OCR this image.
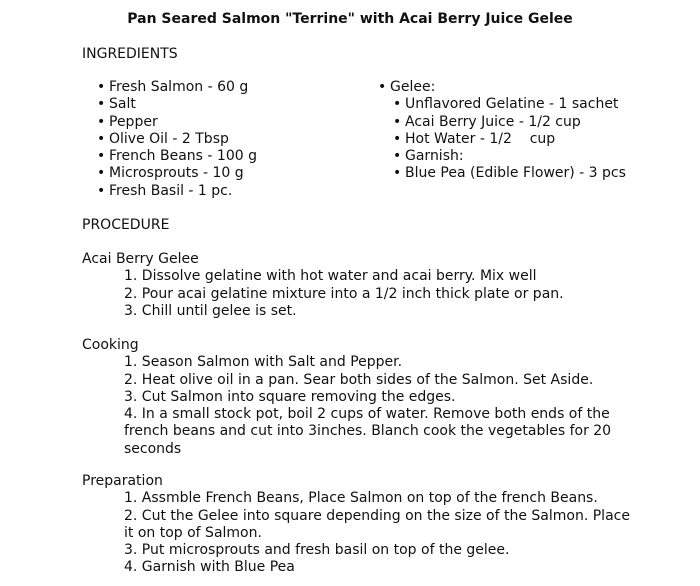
Pan Seared Salmon "Terrine" with Acai Berry Juice Gelee
INGREDIENTS
• Fresh Salmon - 60 g
• Salt
• Pepper
• Olive Oil - 2 Tbsp
• French Beans - 100 g
• Microsprouts - 10 g
• Fresh Basil - 1 pc.
• Gelee:
• Unflavored Gelatine - 1 sachet
• Acai Berry Juice - 1/2 cup
• Hot Water - 1/2    cup
• Garnish:
• Blue Pea (Edible Flower) - 3 pcs
PROCEDURE
Acai Berry Gelee
1. Dissolve gelatine with hot water and acai berry. Mix well
2. Pour acai gelatine mixture into a 1/2 inch thick plate or pan.
3. Chill until gelee is set.
Cooking
1. Season Salmon with Salt and Pepper.
2. Heat olive oil in a pan. Sear both sides of the Salmon. Set Aside.
3. Cut Salmon into square removing the edges.
4. In a small stock pot, boil 2 cups of water. Remove both ends of the french beans and cut into 3inches. Blanch cook the vegetables for 20 seconds
Preparation
1. Assmble French Beans, Place Salmon on top of the french Beans.
2. Cut the Gelee into square depending on the size of the Salmon. Place it on top of Salmon.
3. Put microsprouts and fresh basil on top of the gelee.
4. Garnish with Blue Pea
